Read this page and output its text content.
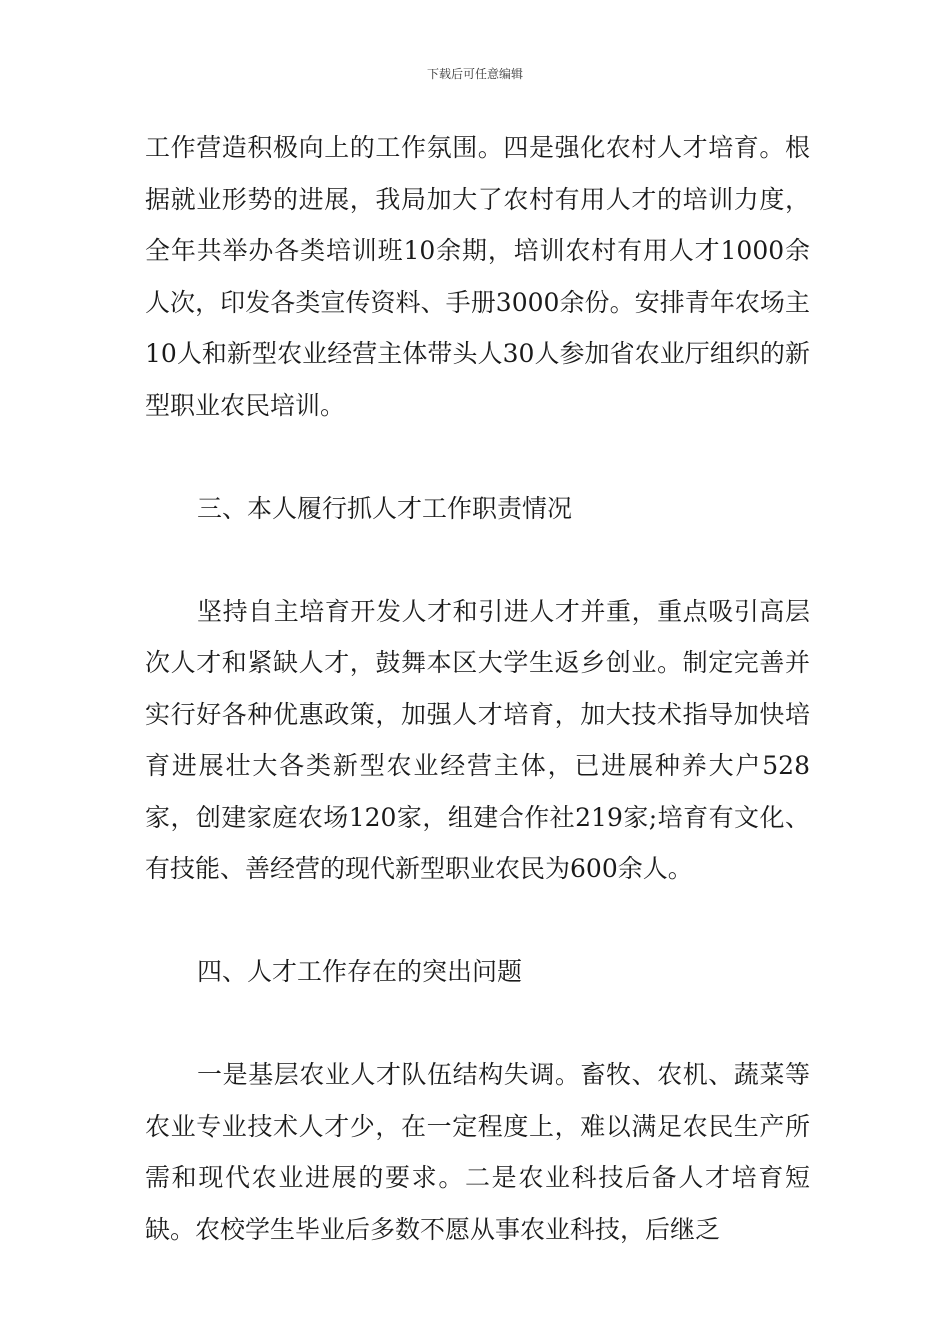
下载后可任意编辑

工作营造积极向上的工作氛围。四是强化农村人才培育。根据就业形势的进展，我局加大了农村有用人才的培训力度，全年共举办各类培训班10余期，培训农村有用人才1000余人次，印发各类宣传资料、手册3000余份。安排青年农场主10人和新型农业经营主体带头人30人参加省农业厅组织的新型职业农民培训。

三、本人履行抓人才工作职责情况

坚持自主培育开发人才和引进人才并重，重点吸引高层次人才和紧缺人才，鼓舞本区大学生返乡创业。制定完善并实行好各种优惠政策，加强人才培育，加大技术指导加快培育进展壮大各类新型农业经营主体，已进展种养大户528家，创建家庭农场120家，组建合作社219家;培育有文化、有技能、善经营的现代新型职业农民为600余人。

四、人才工作存在的突出问题

一是基层农业人才队伍结构失调。畜牧、农机、蔬菜等农业专业技术人才少，在一定程度上，难以满足农民生产所需和现代农业进展的要求。二是农业科技后备人才培育短缺。农校学生毕业后多数不愿从事农业科技，后继乏
